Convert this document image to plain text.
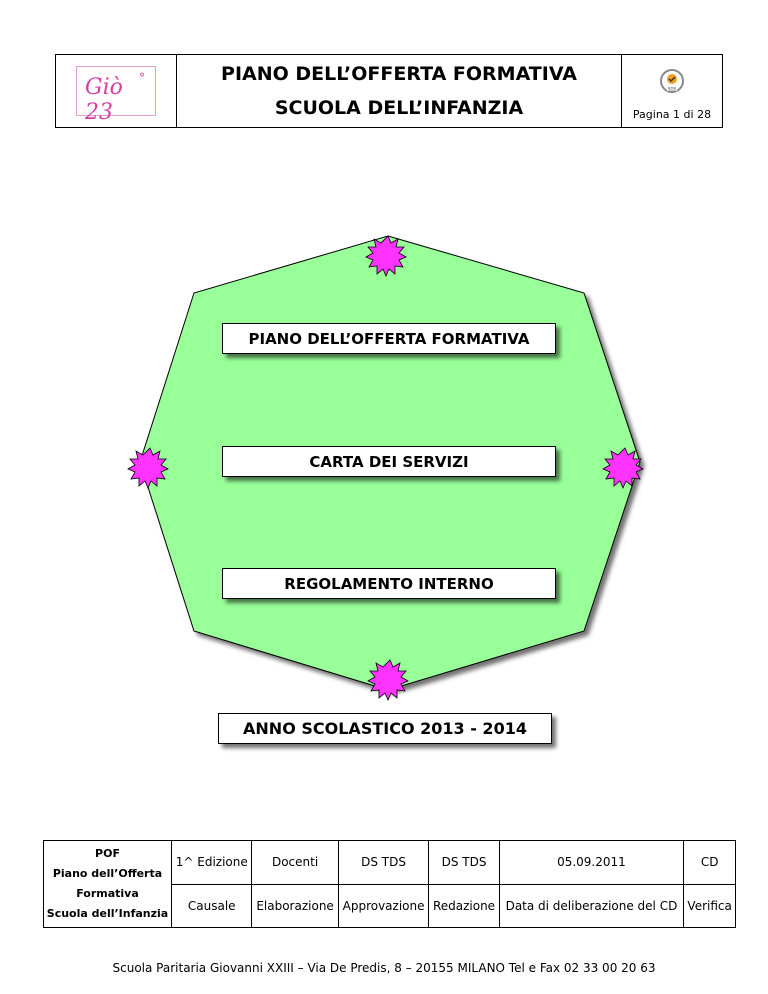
Giò 23
°	PIANO DELL’OFFERTA FORMATIVA
SCUOLA DELL’INFANZIA
SGS
Pagina 1 di 28
PIANO DELL’OFFERTA FORMATIVA
CARTA DEI SERVIZI
REGOLAMENTO INTERNO
ANNO SCOLASTICO 2013 - 2014
POF
Piano dell’Offerta
Formativa
Scuola dell’Infanzia	1^ Edizione	Docenti	DS TDS	DS TDS	05.09.2011	CD
	Causale	Elaborazione	Approvazione	Redazione	Data di deliberazione del CD	Verifica
Scuola Paritaria Giovanni XXIII – Via De Predis, 8 – 20155 MILANO Tel e Fax 02 33 00 20 63
